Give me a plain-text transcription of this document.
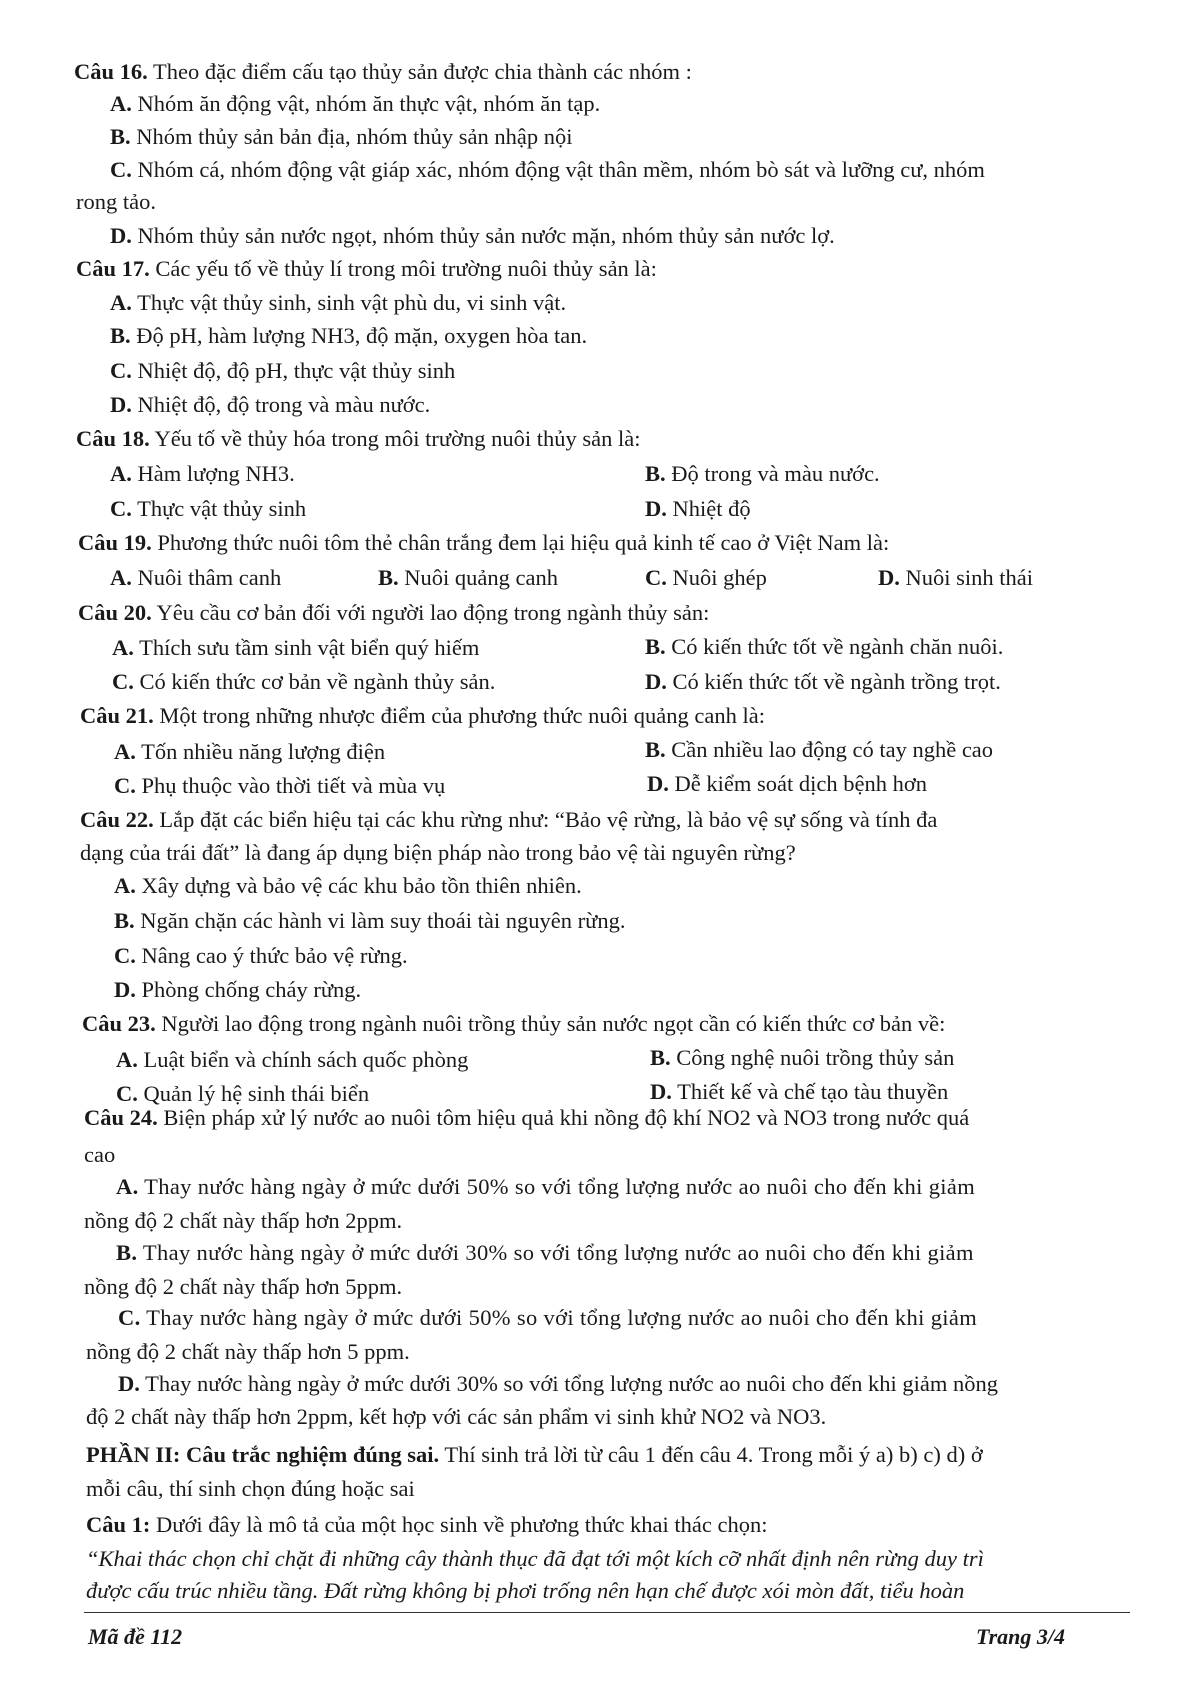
Câu 16. Theo đặc điểm cấu tạo thủy sản được chia thành các nhóm :
A. Nhóm ăn động vật, nhóm ăn thực vật, nhóm ăn tạp.
B. Nhóm thủy sản bản địa, nhóm thủy sản nhập nội
C. Nhóm cá, nhóm động vật giáp xác, nhóm động vật thân mềm, nhóm bò sát và lưỡng cư, nhóm
rong tảo.
D. Nhóm thủy sản nước ngọt, nhóm thủy sản nước mặn, nhóm thủy sản nước lợ.
Câu 17. Các yếu tố về thủy lí trong môi trường nuôi thủy sản là:
A. Thực vật thủy sinh, sinh vật phù du, vi sinh vật.
B. Độ pH, hàm lượng NH3, độ mặn, oxygen hòa tan.
C. Nhiệt độ, độ pH, thực vật thủy sinh
D. Nhiệt độ, độ trong và màu nước.
Câu 18. Yếu tố về thủy hóa trong môi trường nuôi thủy sản là:
A. Hàm lượng NH3.	B. Độ trong và màu nước.
C. Thực vật thủy sinh	D. Nhiệt độ
Câu 19. Phương thức nuôi tôm thẻ chân trắng đem lại hiệu quả kinh tế cao ở Việt Nam là:
A. Nuôi thâm canh	B. Nuôi quảng canh	C. Nuôi ghép	D. Nuôi sinh thái
Câu 20. Yêu cầu cơ bản đối với người lao động trong ngành thủy sản:
A. Thích sưu tầm sinh vật biển quý hiếm	B. Có kiến thức tốt về ngành chăn nuôi.
C. Có kiến thức cơ bản về ngành thủy sản.	D. Có kiến thức tốt về ngành trồng trọt.
Câu 21. Một trong những nhược điểm của phương thức nuôi quảng canh là:
A. Tốn nhiều năng lượng điện	B. Cần nhiều lao động có tay nghề cao
C. Phụ thuộc vào thời tiết và mùa vụ	D. Dễ kiểm soát dịch bệnh hơn
Câu 22. Lắp đặt các biển hiệu tại các khu rừng như: “Bảo vệ rừng, là bảo vệ sự sống và tính đa
dạng của trái đất” là đang áp dụng biện pháp nào trong bảo vệ tài nguyên rừng?
A. Xây dựng và bảo vệ các khu bảo tồn thiên nhiên.
B. Ngăn chặn các hành vi làm suy thoái tài nguyên rừng.
C. Nâng cao ý thức bảo vệ rừng.
D. Phòng chống cháy rừng.
Câu 23. Người lao động trong ngành nuôi trồng thủy sản nước ngọt cần có kiến thức cơ bản về:
A. Luật biển và chính sách quốc phòng	B. Công nghệ nuôi trồng thủy sản
C. Quản lý hệ sinh thái biển	D. Thiết kế và chế tạo tàu thuyền
Câu 24. Biện pháp xử lý nước ao nuôi tôm hiệu quả khi nồng độ khí NO2 và NO3 trong nước quá
cao
A. Thay nước hàng ngày ở mức dưới 50% so với tổng lượng nước ao nuôi cho đến khi giảm
nồng độ 2 chất này thấp hơn 2ppm.
B. Thay nước hàng ngày ở mức dưới 30% so với tổng lượng nước ao nuôi cho đến khi giảm
nồng độ 2 chất này thấp hơn 5ppm.
C. Thay nước hàng ngày ở mức dưới 50% so với tổng lượng nước ao nuôi cho đến khi giảm
nồng độ 2 chất này thấp hơn 5 ppm.
D. Thay nước hàng ngày ở mức dưới 30% so với tổng lượng nước ao nuôi cho đến khi giảm nồng
độ 2 chất này thấp hơn 2ppm, kết hợp với các sản phẩm vi sinh khử NO2 và NO3.
PHẦN II: Câu trắc nghiệm đúng sai. Thí sinh trả lời từ câu 1 đến câu 4. Trong mỗi ý a) b) c) d) ở
mỗi câu, thí sinh chọn đúng hoặc sai
Câu 1: Dưới đây là mô tả của một học sinh về phương thức khai thác chọn:
“Khai thác chọn chỉ chặt đi những cây thành thục đã đạt tới một kích cỡ nhất định nên rừng duy trì
được cấu trúc nhiều tầng. Đất rừng không bị phơi trống nên hạn chế được xói mòn đất, tiểu hoàn
Mã đề 112	Trang 3/4
